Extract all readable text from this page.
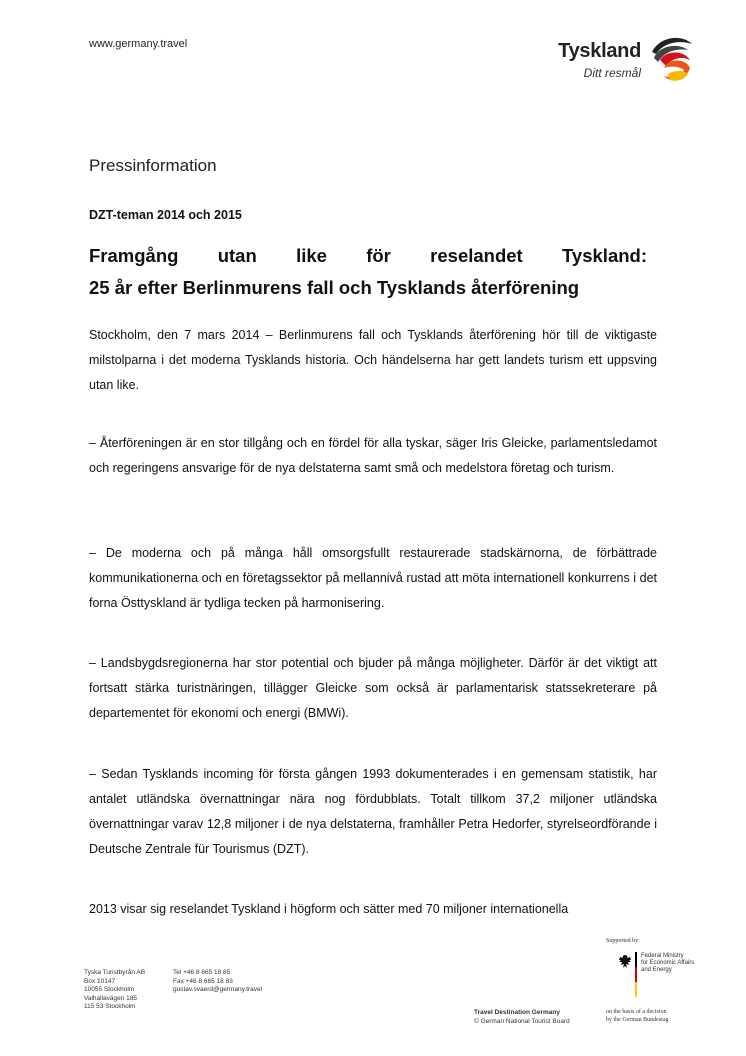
www.germany.travel	Tyskland
Ditt resmål
Pressinformation
DZT-teman 2014 och 2015
Framgång utan like för reselandet Tyskland:
25 år efter Berlinmurens fall och Tysklands återförening
Stockholm, den 7 mars 2014 – Berlinmurens fall och Tysklands återförening hör till de viktigaste milstolparna i det moderna Tysklands historia. Och händelserna har gett landets turism ett uppsving utan like.
– Återföreningen är en stor tillgång och en fördel för alla tyskar, säger Iris Gleicke, parlamentsledamot och regeringens ansvarige för de nya delstaterna samt små och medelstora företag och turism.
– De moderna och på många håll omsorgsfullt restaurerade stadskärnorna, de förbättrade kommunikationerna och en företagssektor på mellannivå rustad att möta internationell konkurrens i det forna Östtyskland är tydliga tecken på harmonisering.
– Landsbygdsregionerna har stor potential och bjuder på många möjligheter. Därför är det viktigt att fortsatt stärka turistnäringen, tillägger Gleicke som också är parlamentarisk statssekreterare på departementet för ekonomi och energi (BMWi).
– Sedan Tysklands incoming för första gången 1993 dokumenterades i en gemensam statistik, har antalet utländska övernattningar nära nog fördubblats. Totalt tillkom 37,2 miljoner utländska övernattningar varav 12,8 miljoner i de nya delstaterna, framhåller Petra Hedorfer, styrelseordförande i Deutsche Zentrale für Tourismus (DZT).
2013 visar sig reselandet Tyskland i högform och sätter med 70 miljoner internationella
Tyska Turistbyrån AB
Box 10147
10055 Stockholm
Valhallavägen 185
115 53 Stockholm
Tel +46 8 665 18 85
Fax +46 8 665 18 83
gustav.svaerd@germany.travel
Travel Destination Germany
© German National Tourist Board
Supported by:
Federal Ministry
for Economic Affairs
and Energy
on the basis of a decision
by the German Bundestag
